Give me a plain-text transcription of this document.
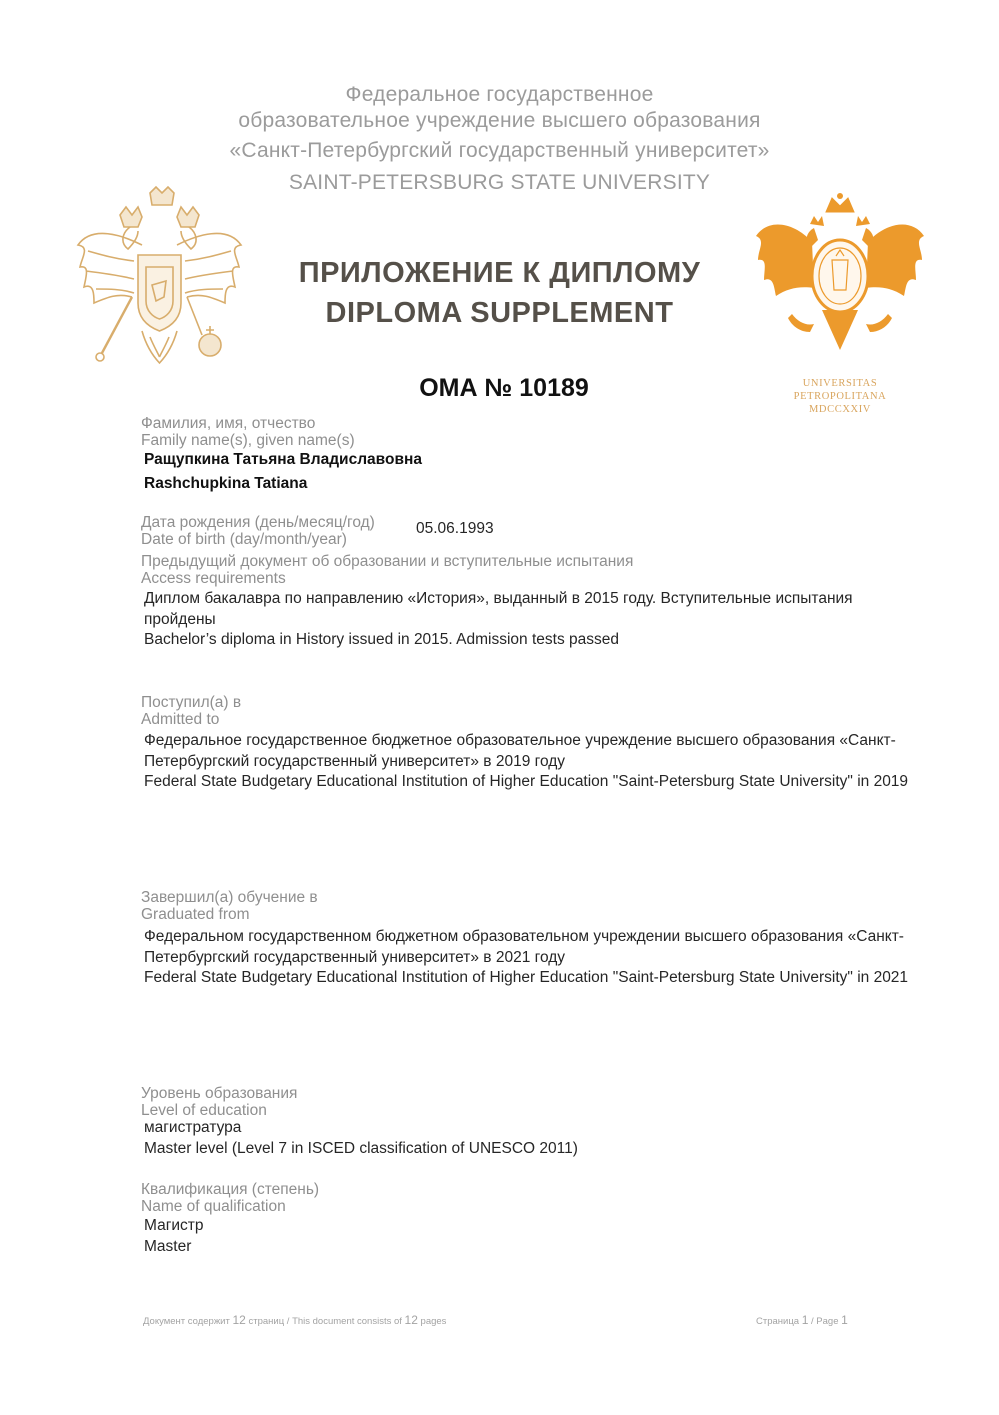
Федеральное государственное
образовательное учреждение высшего образования
«Санкт-Петербургский государственный университет»
SAINT-PETERSBURG STATE UNIVERSITY
UNIVERSITAS
PETROPOLITANA
MDCCXXIV
ПРИЛОЖЕНИЕ К ДИПЛОМУ
DIPLOMA SUPPLEMENT
ОМА № 10189
Фамилия, имя, отчество
Family name(s), given name(s)
Ращупкина Татьяна Владиславовна
Rashchupkina Tatiana
Дата рождения (день/месяц/год)
Date of birth (day/month/year)
05.06.1993
Предыдущий документ об образовании и вступительные испытания
Access requirements
Диплом бакалавра по направлению «История», выданный в 2015 году. Вступительные испытания пройдены
Bachelor’s diploma in History issued in 2015. Admission tests passed
Поступил(а) в
Admitted to
Федеральное государственное бюджетное образовательное учреждение высшего образования «Санкт-Петербургский государственный университет» в 2019 году
Federal State Budgetary Educational Institution of Higher Education "Saint-Petersburg State University" in 2019
Завершил(а) обучение в
Graduated from
Федеральном государственном бюджетном образовательном учреждении высшего образования «Санкт-Петербургский государственный университет» в 2021 году
Federal State Budgetary Educational Institution of Higher Education "Saint-Petersburg State University" in 2021
Уровень образования
Level of education
магистратура
Master level (Level 7 in ISCED classification of UNESCO 2011)
Квалификация (степень)
Name of qualification
Магистр
Master
Документ содержит 12 страниц / This document consists of 12 pages	Страница 1 / Page 1
